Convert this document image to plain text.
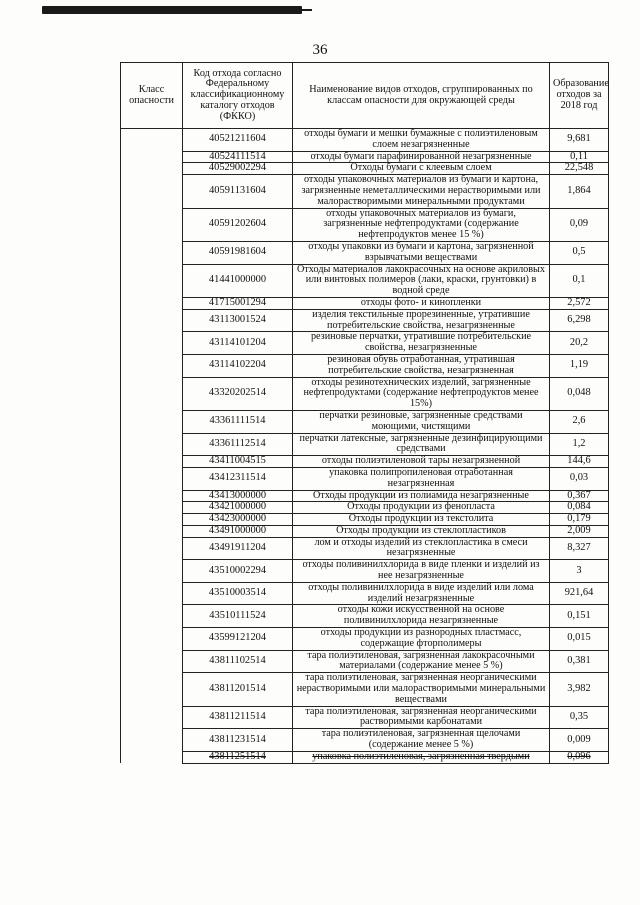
36
Класс опасности	Код отхода согласно Федеральному классификационному каталогу отходов (ФККО)	Наименование видов отходов, сгруппированных по классам опасности для окружающей среды	Образование отходов за 2018 год
	40521211604	отходы бумаги и мешки бумажные с полиэтиленовым слоем незагрязненные	9,681
	40524111514	отходы бумаги парафинированной незагрязненные	0,11
	40529002294	Отходы бумаги с клеевым слоем	22,548
	40591131604	отходы упаковочных материалов из бумаги и картона, загрязненные неметаллическими нерастворимыми или малорастворимыми минеральными продуктами	1,864
	40591202604	отходы упаковочных материалов из бумаги, загрязненные нефтепродуктами (содержание нефтепродуктов менее 15 %)	0,09
	40591981604	отходы упаковки из бумаги и картона, загрязненной взрывчатыми веществами	0,5
	41441000000	Отходы материалов лакокрасочных на основе акриловых или винтовых полимеров (лаки, краски, грунтовки) в водной среде	0,1
	41715001294	отходы фото- и кинопленки	2,572
	43113001524	изделия текстильные прорезиненные, утратившие потребительские свойства, незагрязненные	6,298
	43114101204	резиновые перчатки, утратившие потребительские свойства, незагрязненные	20,2
	43114102204	резиновая обувь отработанная, утратившая потребительские свойства, незагрязненная	1,19
	43320202514	отходы резинотехнических изделий, загрязненные нефтепродуктами (содержание нефтепродуктов менее 15%)	0,048
	43361111514	перчатки резиновые, загрязненные средствами моющими, чистящими	2,6
	43361112514	перчатки латексные, загрязненные дезинфицирующими средствами	1,2
	43411004515	отходы полиэтиленовой тары незагрязненной	144,6
	43412311514	упаковка полипропиленовая отработанная незагрязненная	0,03
	43413000000	Отходы продукции из полиамида незагрязненные	0,367
	43421000000	Отходы продукции из фенопласта	0,084
	43423000000	Отходы продукции из текстолита	0,179
	43491000000	Отходы продукции из стеклопластиков	2,009
	43491911204	лом и отходы изделий из стеклопластика в смеси незагрязненные	8,327
	43510002294	отходы поливинилхлорида в виде пленки и изделий из нее незагрязненные	3
	43510003514	отходы поливинилхлорида в виде изделий или лома изделий незагрязненные	921,64
	43510111524	отходы кожи искусственной на основе поливинилхлорида незагрязненные	0,151
	43599121204	отходы продукции из разнородных пластмасс, содержащие фторполимеры	0,015
	43811102514	тара полиэтиленовая, загрязненная лакокрасочными материалами (содержание менее 5 %)	0,381
	43811201514	тара полиэтиленовая, загрязненная неорганическими нерастворимыми или малорастворимыми минеральными веществами	3,982
	43811211514	тара полиэтиленовая, загрязненная неорганическими растворимыми карбонатами	0,35
	43811231514	тара полиэтиленовая, загрязненная щелочами (содержание менее 5 %)	0,009
	43811251514	упаковка полиэтиленовая, загрязненная твердыми	0,096
